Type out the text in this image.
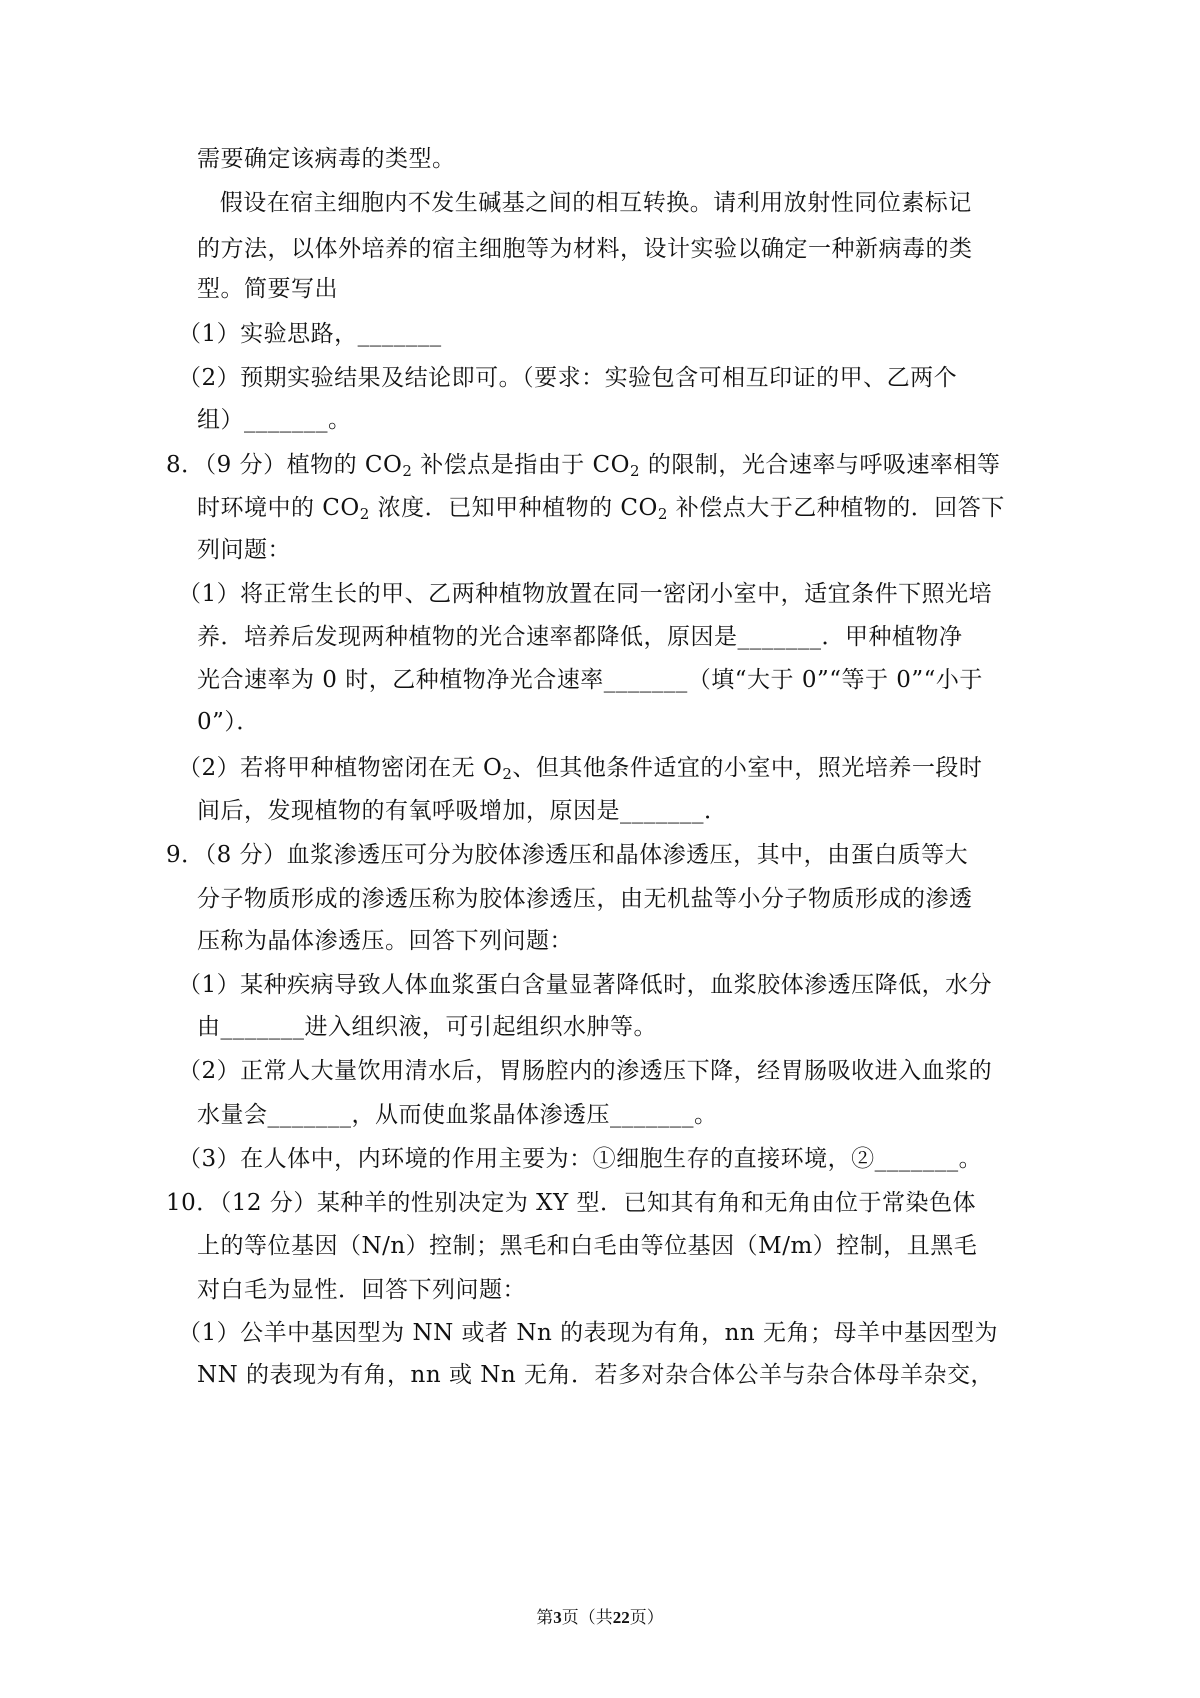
需要确定该病毒的类型。
假设在宿主细胞内不发生碱基之间的相互转换。请利用放射性同位素标记
的方法，以体外培养的宿主细胞等为材料，设计实验以确定一种新病毒的类
型。简要写出
（1）实验思路，_______
（2）预期实验结果及结论即可。（要求：实验包含可相互印证的甲、乙两个
组）_______。
8．（9 分）植物的 $CO_2$ 补偿点是指由于 $CO_2$ 的限制，光合速率与呼吸速率相等
时环境中的 $CO_2$ 浓度．已知甲种植物的 $CO_2$ 补偿点大于乙种植物的．回答下
列问题：
（1）将正常生长的甲、乙两种植物放置在同一密闭小室中，适宜条件下照光培
养．培养后发现两种植物的光合速率都降低，原因是_______．甲种植物净
光合速率为 0 时，乙种植物净光合速率_______（填“大于 0”“等于 0”“小于
0”）．
（2）若将甲种植物密闭在无 $O_2$、但其他条件适宜的小室中，照光培养一段时
间后，发现植物的有氧呼吸增加，原因是_______．
9．（8 分）血浆渗透压可分为胶体渗透压和晶体渗透压，其中，由蛋白质等大
分子物质形成的渗透压称为胶体渗透压，由无机盐等小分子物质形成的渗透
压称为晶体渗透压。回答下列问题：
（1）某种疾病导致人体血浆蛋白含量显著降低时，血浆胶体渗透压降低，水分
由_______进入组织液，可引起组织水肿等。
（2）正常人大量饮用清水后，胃肠腔内的渗透压下降，经胃肠吸收进入血浆的
水量会_______，从而使血浆晶体渗透压_______。
（3）在人体中，内环境的作用主要为：①细胞生存的直接环境，②_______。
10．（12 分）某种羊的性别决定为 XY 型．已知其有角和无角由位于常染色体
上的等位基因（N/n）控制；黑毛和白毛由等位基因（M/m）控制，且黑毛
对白毛为显性．回答下列问题：
（1）公羊中基因型为 NN 或者 Nn 的表现为有角，nn 无角；母羊中基因型为
NN 的表现为有角，nn 或 Nn 无角．若多对杂合体公羊与杂合体母羊杂交，
第3页（共22页）
